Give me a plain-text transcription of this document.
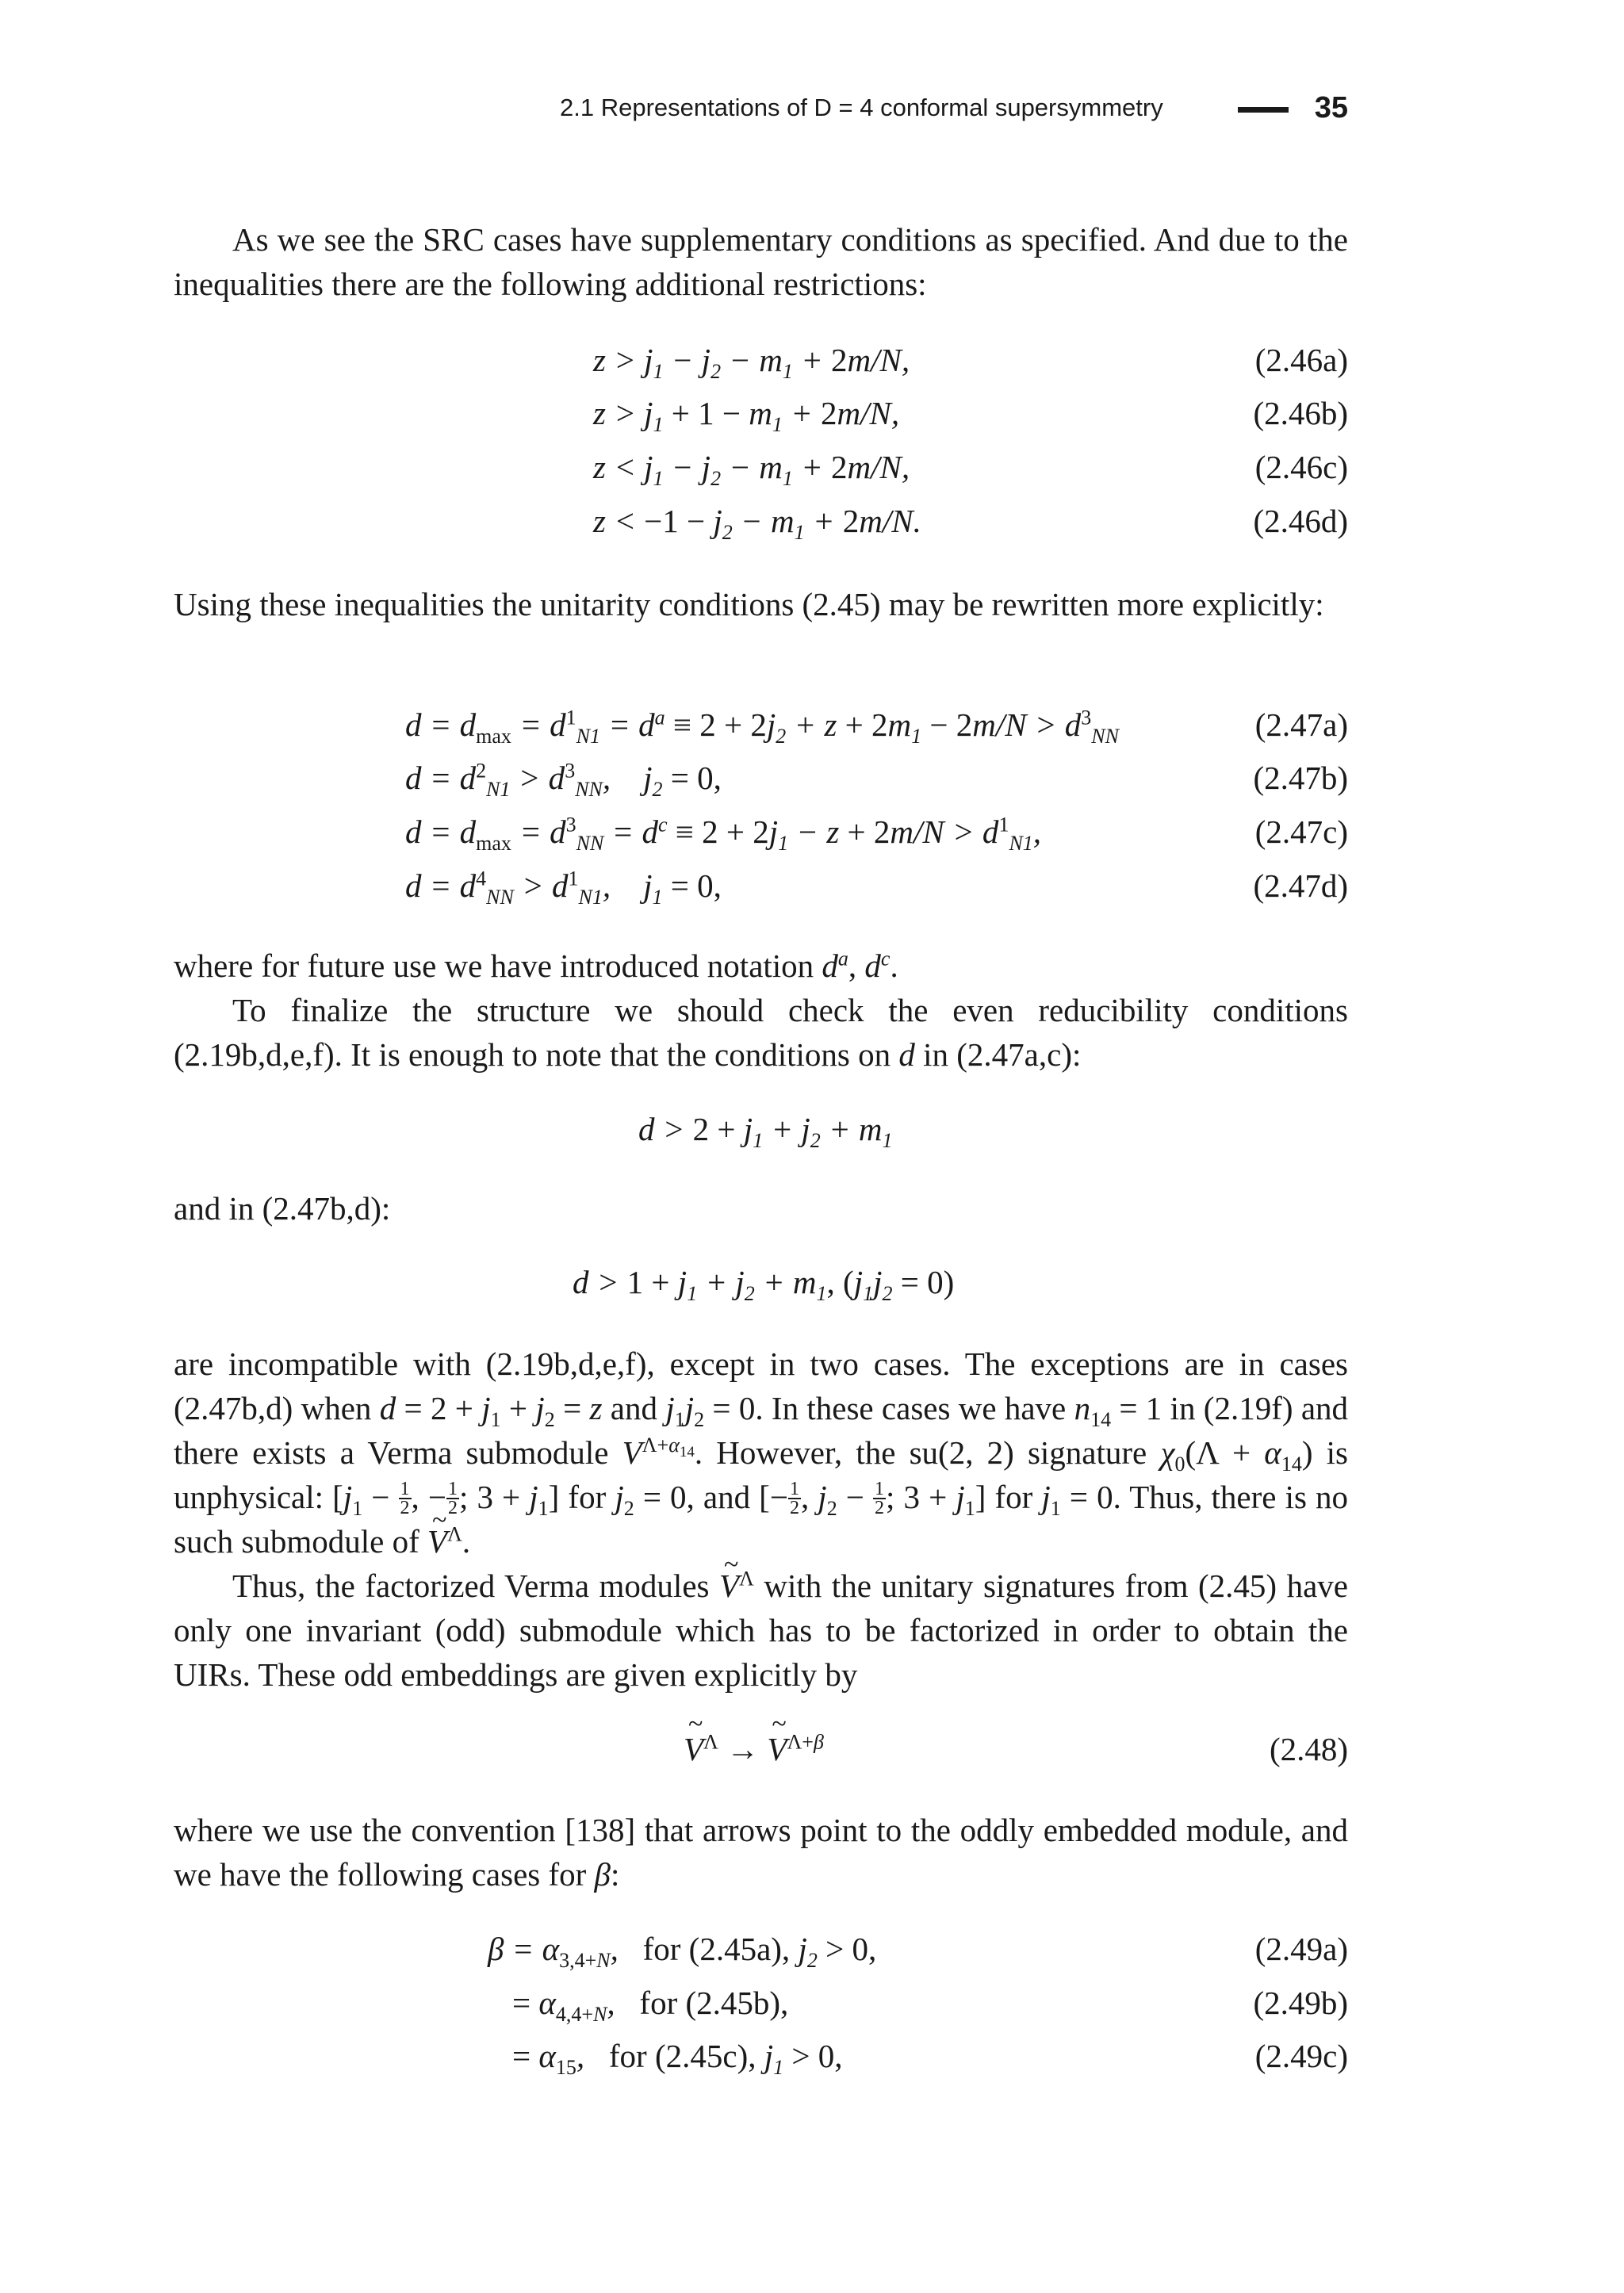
2.1 Representations of D = 4 conformal supersymmetry	35

As we see the SRC cases have supplementary conditions as specified. And due to the inequalities there are the following additional restrictions:

$z > j_1 - j_2 - m_1 + 2m/N$,	(2.46a)
$z > j_1 + 1 - m_1 + 2m/N$,	(2.46b)
$z < j_1 - j_2 - m_1 + 2m/N$,	(2.46c)
$z < -1 - j_2 - m_1 + 2m/N$.	(2.46d)

Using these inequalities the unitarity conditions (2.45) may be rewritten more explicitly:

$d = d_{max} = d^1_{N1} = d^a \equiv 2 + 2j_2 + z + 2m_1 - 2m/N > d^3_{NN}$	(2.47a)
$d = d^2_{N1} > d^3_{NN}$,    $j_2 = 0$,	(2.47b)
$d = d_{max} = d^3_{NN} = d^c \equiv 2 + 2j_1 - z + 2m/N > d^1_{N1}$,	(2.47c)
$d = d^4_{NN} > d^1_{N1}$,    $j_1 = 0$,	(2.47d)

where for future use we have introduced notation $d^a$, $d^c$.

To finalize the structure we should check the even reducibility conditions (2.19b,d,e,f). It is enough to note that the conditions on d in (2.47a,c):

$d > 2 + j_1 + j_2 + m_1$

and in (2.47b,d):

$d > 1 + j_1 + j_2 + m_1$, $(j_1j_2 = 0)$

are incompatible with (2.19b,d,e,f), except in two cases. The exceptions are in cases (2.47b,d) when $d = 2 + j_1 + j_2 = z$ and $j_1j_2 = 0$. In these cases we have $n_{14} = 1$ in (2.19f) and there exists a Verma submodule $V^{\Lambda+\alpha_{14}}$. However, the su(2, 2) signature $\chi_0(\Lambda + \alpha_{14})$ is unphysical: [$j_1 - \frac{1}{2}$ , − $\frac{1}{2}$ ; $3 + j_1$] for $j_2 = 0$, and [− $\frac{1}{2}$ , $j_2 - \frac{1}{2}$ ; $3 + j_1$] for $j_1 = 0$. Thus, there is no such submodule of ~ $V^\Lambda$.

Thus, the factorized Verma modules ~ $V^\Lambda$ with the unitary signatures from (2.45) have only one invariant (odd) submodule which has to be factorized in order to obtain the UIRs. These odd embeddings are given explicitly by

~ $V^\Lambda$ → ~ $V^{\Lambda+\beta}$	(2.48)

where we use the convention [138] that arrows point to the oddly embedded module, and we have the following cases for β:

$\beta = \alpha_{3,4+N}$,   for (2.45a), $j_2 > 0$,	(2.49a)
= $\alpha_{4,4+N}$,   for (2.45b),	(2.49b)
= $\alpha_{15}$,   for (2.45c), $j_1 > 0$,	(2.49c)
